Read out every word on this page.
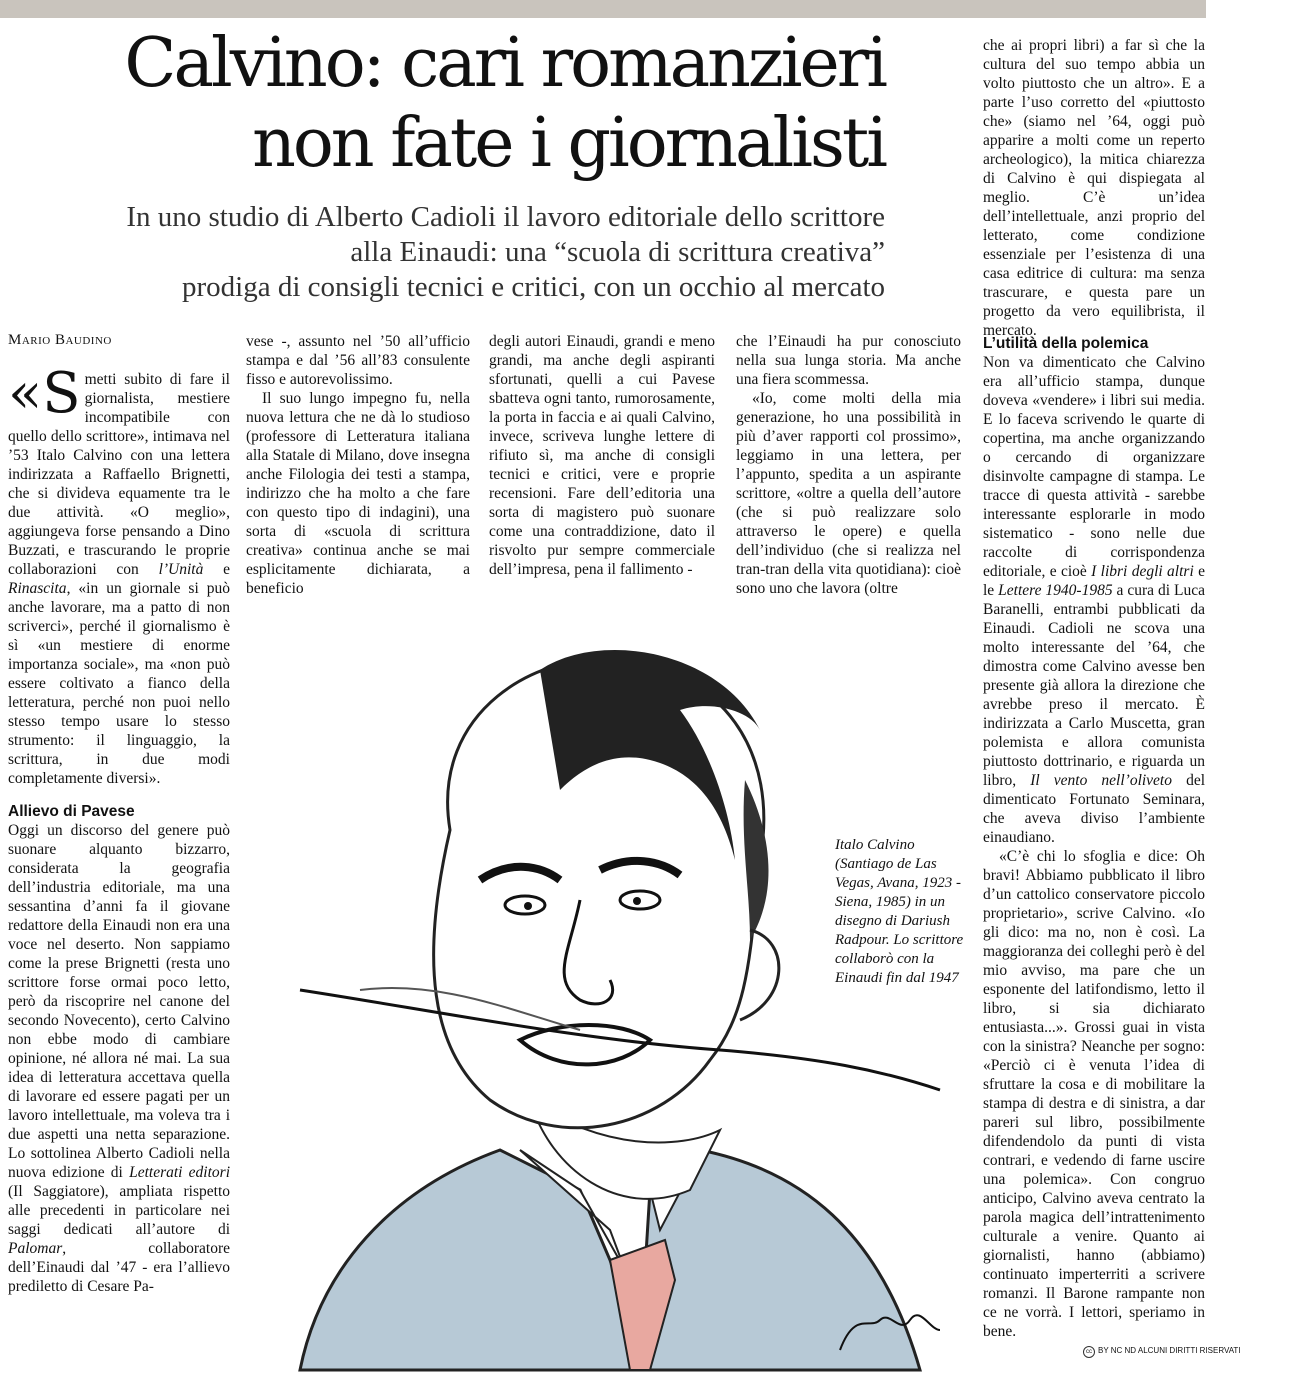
Calvino: cari romanzieri
non fate i giornalisti
In uno studio di Alberto Cadioli il lavoro editoriale dello scrittore
alla Einaudi: una “scuola di scrittura creativa”
prodiga di consigli tecnici e critici, con un occhio al mercato
Mario Baudino

«Smetti subito di fare il giornalista, mestiere incompatibile con quello dello scrittore», intimava nel ’53 Italo Calvino con una lettera indirizzata a Raffaello Brignetti, che si divideva equamente tra le due attività. «O meglio», aggiungeva forse pensando a Dino Buzzati, e trascurando le proprie collaborazioni con l’Unità e Rinascita, «in un giornale si può anche lavorare, ma a patto di non scriverci», perché il giornalismo è sì «un mestiere di enorme importanza sociale», ma «non può essere coltivato a fianco della letteratura, perché non puoi nello stesso tempo usare lo stesso strumento: il linguaggio, la scrittura, in due modi completamente diversi».

Allievo di Pavese

Oggi un discorso del genere può suonare alquanto bizzarro, considerata la geografia dell’industria editoriale, ma una sessantina d’anni fa il giovane redattore della Einaudi non era una voce nel deserto. Non sappiamo come la prese Brignetti (resta uno scrittore forse ormai poco letto, però da riscoprire nel canone del secondo Novecento), certo Calvino non ebbe modo di cambiare opinione, né allora né mai. La sua idea di letteratura accettava quella di lavorare ed essere pagati per un lavoro intellettuale, ma voleva tra i due aspetti una netta separazione. Lo sottolinea Alberto Cadioli nella nuova edizione di Letterati editori (Il Saggiatore), ampliata rispetto alle precedenti in particolare nei saggi dedicati all’autore di Palomar, collaboratore dell’Einaudi dal ’47 - era l’allievo prediletto di Cesare Pa-

vese -, assunto nel ’50 all’ufficio stampa e dal ’56 all’83 consulente fisso e autorevolissimo.

Il suo lungo impegno fu, nella nuova lettura che ne dà lo studioso (professore di Letteratura italiana alla Statale di Milano, dove insegna anche Filologia dei testi a stampa, indirizzo che ha molto a che fare con questo tipo di indagini), una sorta di «scuola di scrittura creativa» continua anche se mai esplicitamente dichiarata, a beneficio

degli autori Einaudi, grandi e meno grandi, ma anche degli aspiranti sfortunati, quelli a cui Pavese sbatteva ogni tanto, rumorosamente, la porta in faccia e ai quali Calvino, invece, scriveva lunghe lettere di rifiuto sì, ma anche di consigli tecnici e critici, vere e proprie recensioni. Fare dell’editoria una sorta di magistero può suonare come una contraddizione, dato il risvolto pur sempre commerciale dell’impresa, pena il fallimento -

che l’Einaudi ha pur conosciuto nella sua lunga storia. Ma anche una fiera scommessa.

«Io, come molti della mia generazione, ho una possibilità in più d’aver rapporti col prossimo», leggiamo in una lettera, per l’appunto, spedita a un aspirante scrittore, «oltre a quella dell’autore (che si può realizzare solo attraverso le opere) e quella dell’individuo (che si realizza nel tran-tran della vita quotidiana): cioè sono uno che lavora (oltre

che ai propri libri) a far sì che la cultura del suo tempo abbia un volto piuttosto che un altro». E a parte l’uso corretto del «piuttosto che» (siamo nel ’64, oggi può apparire a molti come un reperto archeologico), la mitica chiarezza di Calvino è qui dispiegata al meglio. C’è un’idea dell’intellettuale, anzi proprio del letterato, come condizione essenziale per l’esistenza di una casa editrice di cultura: ma senza trascurare, e questa pare un progetto da vero equilibrista, il mercato.

L’utilità della polemica

Non va dimenticato che Calvino era all’ufficio stampa, dunque doveva «vendere» i libri sui media. E lo faceva scrivendo le quarte di copertina, ma anche organizzando o cercando di organizzare disinvolte campagne di stampa. Le tracce di questa attività - sarebbe interessante esplorarle in modo sistematico - sono nelle due raccolte di corrispondenza editoriale, e cioè I libri degli altri e le Lettere 1940-1985 a cura di Luca Baranelli, entrambi pubblicati da Einaudi. Cadioli ne scova una molto interessante del ’64, che dimostra come Calvino avesse ben presente già allora la direzione che avrebbe preso il mercato. È indirizzata a Carlo Muscetta, gran polemista e allora comunista piuttosto dottrinario, e riguarda un libro, Il vento nell’oliveto del dimenticato Fortunato Seminara, che aveva diviso l’ambiente einaudiano.

«C’è chi lo sfoglia e dice: Oh bravi! Abbiamo pubblicato il libro d’un cattolico conservatore piccolo proprietario», scrive Calvino. «Io gli dico: ma no, non è così. La maggioranza dei colleghi però è del mio avviso, ma pare che un esponente del latifondismo, letto il libro, si sia dichiarato entusiasta...». Grossi guai in vista con la sinistra? Neanche per sogno: «Perciò ci è venuta l’idea di sfruttare la cosa e di mobilitare la stampa di destra e di sinistra, a dar pareri sul libro, possibilmente difendendolo da punti di vista contrari, e vedendo di farne uscire una polemica». Con congruo anticipo, Calvino aveva centrato la parola magica dell’intrattenimento culturale a venire. Quanto ai giornalisti, hanno (abbiamo) continuato imperterriti a scrivere romanzi. Il Barone rampante non ce ne vorrà. I lettori, speriamo in bene.

Italo Calvino (Santiago de Las Vegas, Avana, 1923 - Siena, 1985) in un disegno di Dariush Radpour. Lo scrittore collaborò con la Einaudi fin dal 1947
cc BY NC ND ALCUNI DIRITTI RISERVATI
